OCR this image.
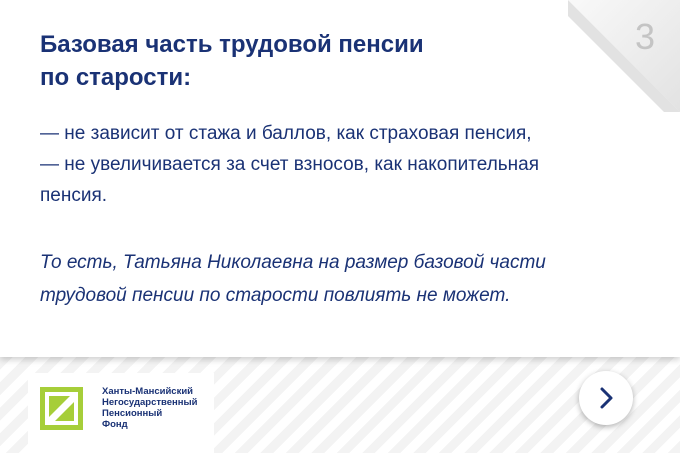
3
Базовая часть трудовой пенсии
по старости:
— не зависит от стажа и баллов, как страховая пенсия,
— не увеличивается за счет взносов, как накопительная
пенсия.
То есть, Татьяна Николаевна на размер базовой части
трудовой пенсии по старости повлиять не может.
Ханты-Мансийский
Негосударственный
Пенсионный
Фонд
